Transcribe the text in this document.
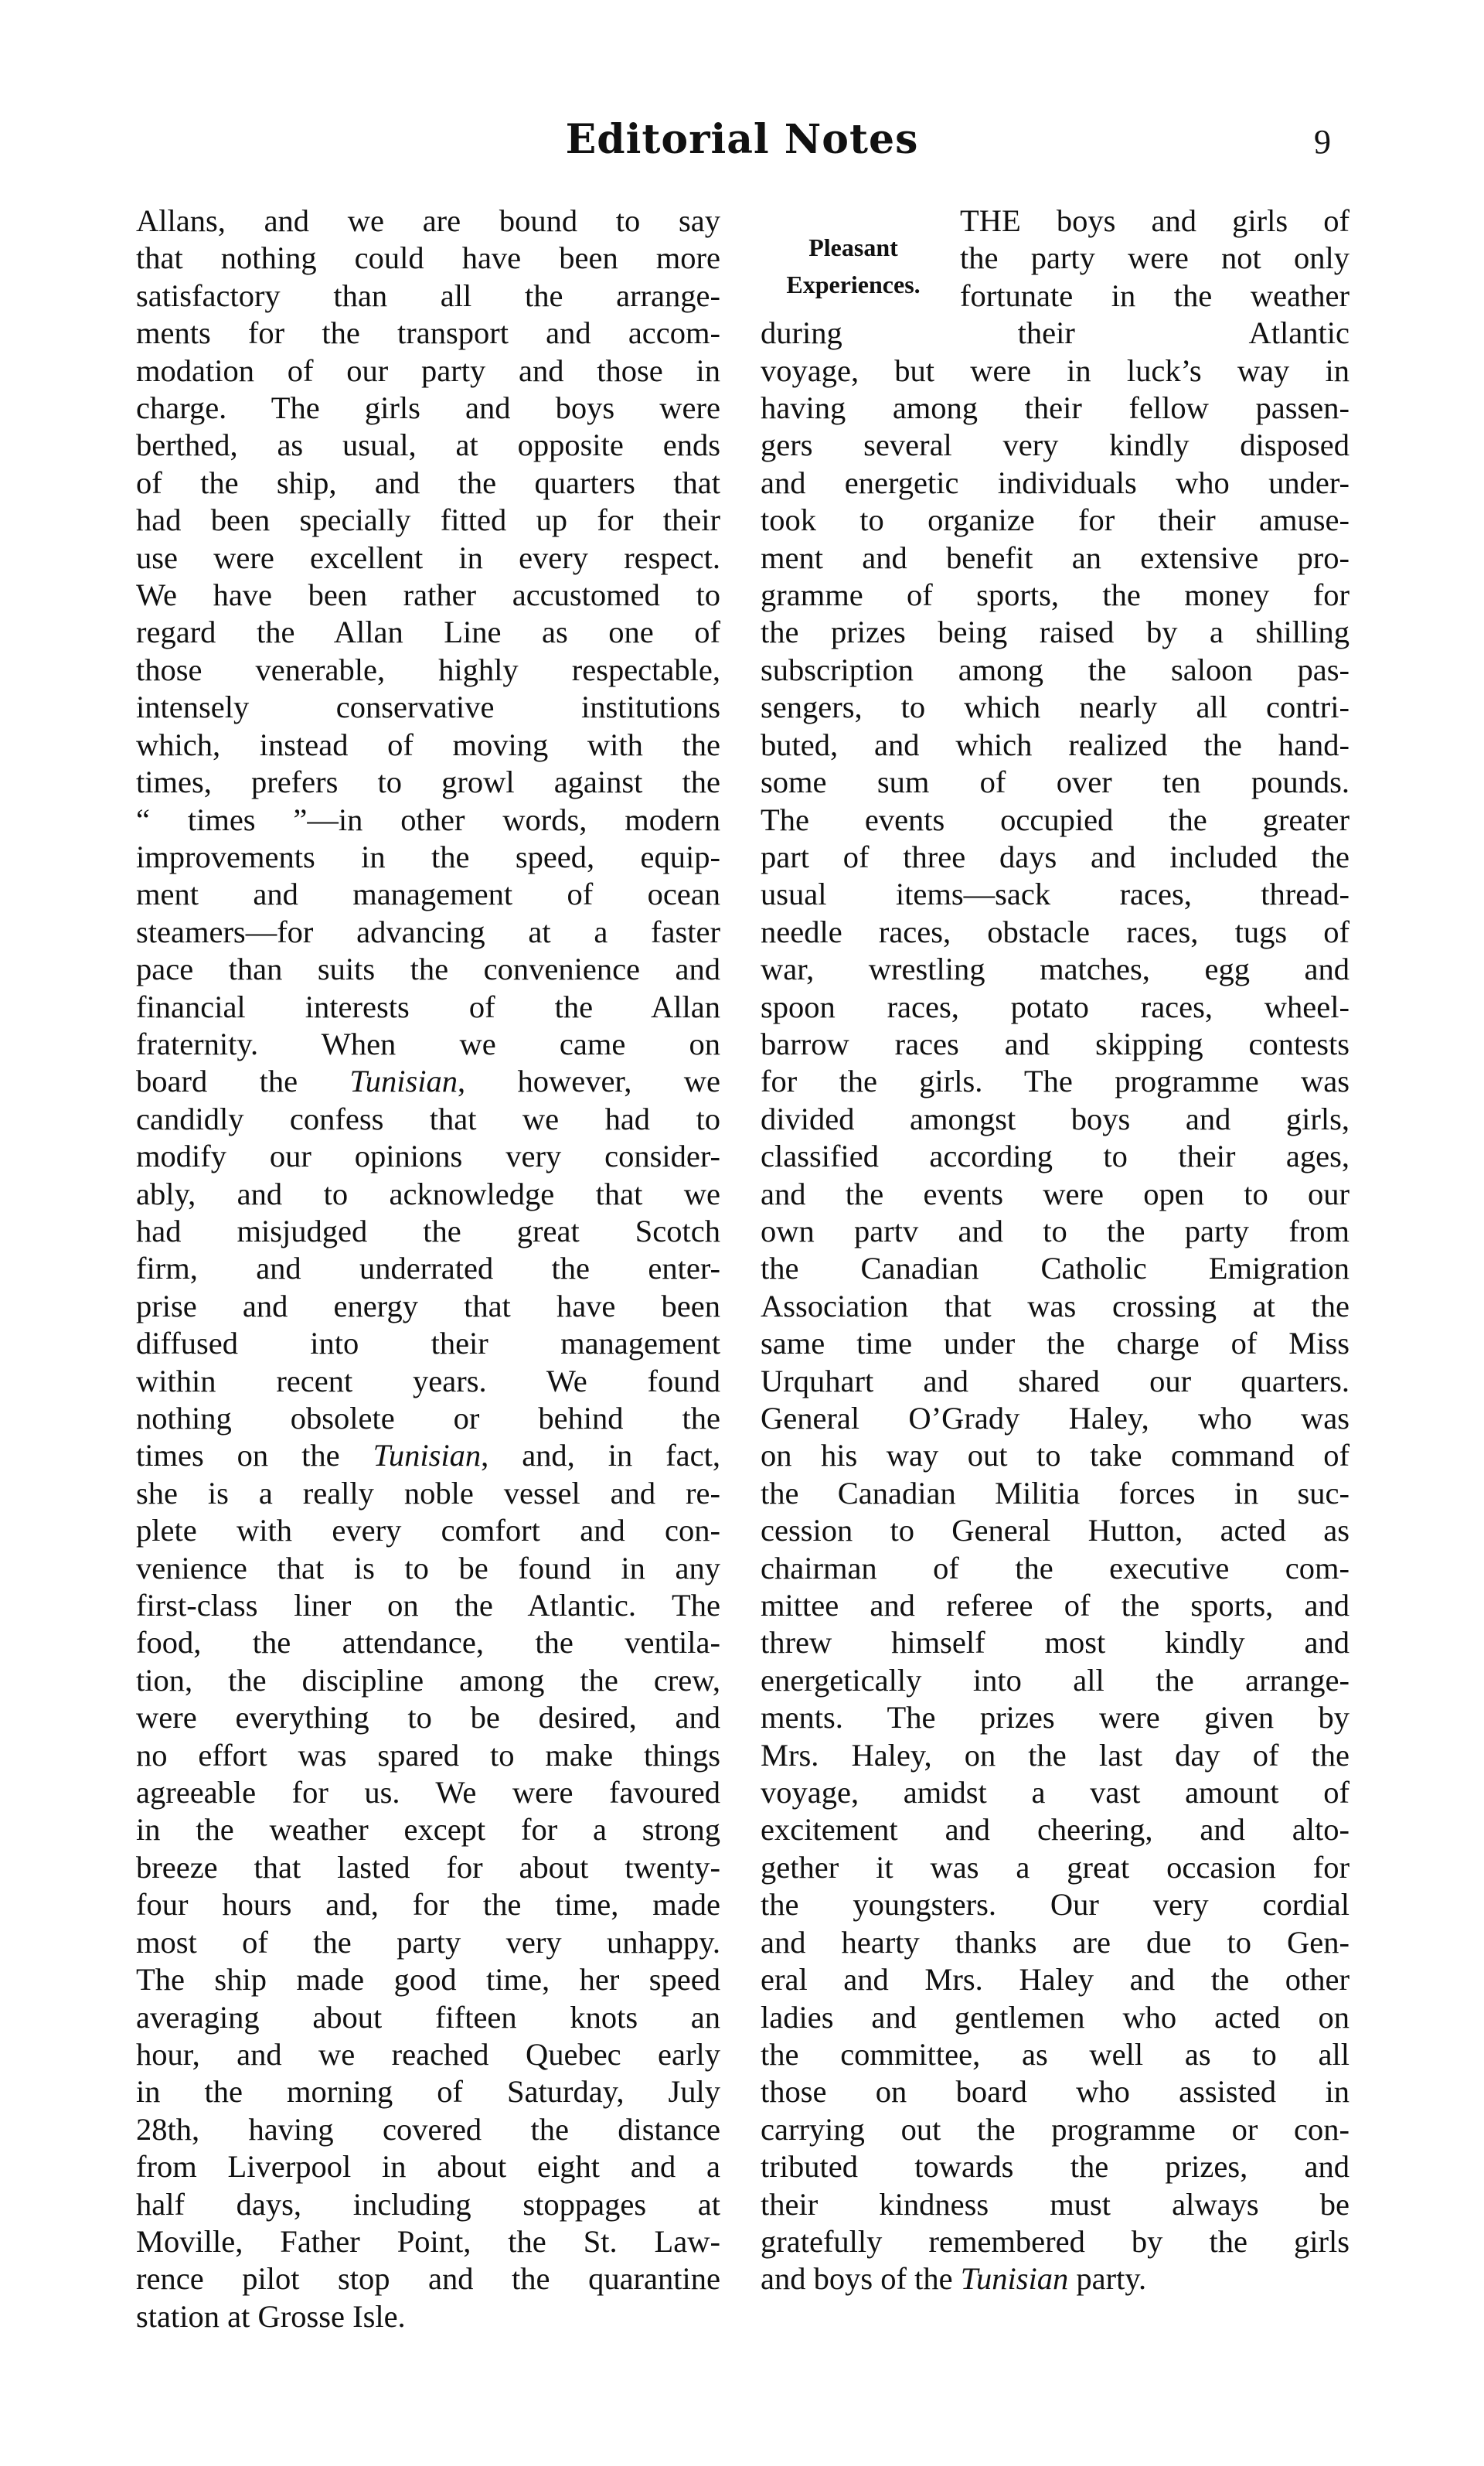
Editorial Notes	9
Allans, and we are bound to say
that nothing could have been more
satisfactory than all the arrange-
ments for the transport and accom-
modation of our party and those in
charge. The girls and boys were
berthed, as usual, at opposite ends
of the ship, and the quarters that
had been specially fitted up for their
use were excellent in every respect.
We have been rather accustomed to
regard the Allan Line as one of
those venerable, highly respectable,
intensely conservative institutions
which, instead of moving with the
times, prefers to growl against the
“ times ”—in other words, modern
improvements in the speed, equip-
ment and management of ocean
steamers—for advancing at a faster
pace than suits the convenience and
financial interests of the Allan
fraternity. When we came on
board the Tunisian, however, we
candidly confess that we had to
modify our opinions very consider-
ably, and to acknowledge that we
had misjudged the great Scotch
firm, and underrated the enter-
prise and energy that have been
diffused into their management
within recent years. We found
nothing obsolete or behind the
times on the Tunisian, and, in fact,
she is a really noble vessel and re-
plete with every comfort and con-
venience that is to be found in any
first-class liner on the Atlantic. The
food, the attendance, the ventila-
tion, the discipline among the crew,
were everything to be desired, and
no effort was spared to make things
agreeable for us. We were favoured
in the weather except for a strong
breeze that lasted for about twenty-
four hours and, for the time, made
most of the party very unhappy.
The ship made good time, her speed
averaging about fifteen knots an
hour, and we reached Quebec early
in the morning of Saturday, July
28th, having covered the distance
from Liverpool in about eight and a
half days, including stoppages at
Moville, Father Point, the St. Law-
rence pilot stop and the quarantine
station at Grosse Isle.
Pleasant
Experiences.
THE boys and girls of
the party were not only
fortunate in the weather
during their Atlantic
voyage, but were in luck’s way in
having among their fellow passen-
gers several very kindly disposed
and energetic individuals who under-
took to organize for their amuse-
ment and benefit an extensive pro-
gramme of sports, the money for
the prizes being raised by a shilling
subscription among the saloon pas-
sengers, to which nearly all contri-
buted, and which realized the hand-
some sum of over ten pounds.
The events occupied the greater
part of three days and included the
usual items—sack races, thread-
needle races, obstacle races, tugs of
war, wrestling matches, egg and
spoon races, potato races, wheel-
barrow races and skipping contests
for the girls. The programme was
divided amongst boys and girls,
classified according to their ages,
and the events were open to our
own partv and to the party from
the Canadian Catholic Emigration
Association that was crossing at the
same time under the charge of Miss
Urquhart and shared our quarters.
General O’Grady Haley, who was
on his way out to take command of
the Canadian Militia forces in suc-
cession to General Hutton, acted as
chairman of the executive com-
mittee and referee of the sports, and
threw himself most kindly and
energetically into all the arrange-
ments. The prizes were given by
Mrs. Haley, on the last day of the
voyage, amidst a vast amount of
excitement and cheering, and alto-
gether it was a great occasion for
the youngsters. Our very cordial
and hearty thanks are due to Gen-
eral and Mrs. Haley and the other
ladies and gentlemen who acted on
the committee, as well as to all
those on board who assisted in
carrying out the programme or con-
tributed towards the prizes, and
their kindness must always be
gratefully remembered by the girls
and boys of the Tunisian party.
